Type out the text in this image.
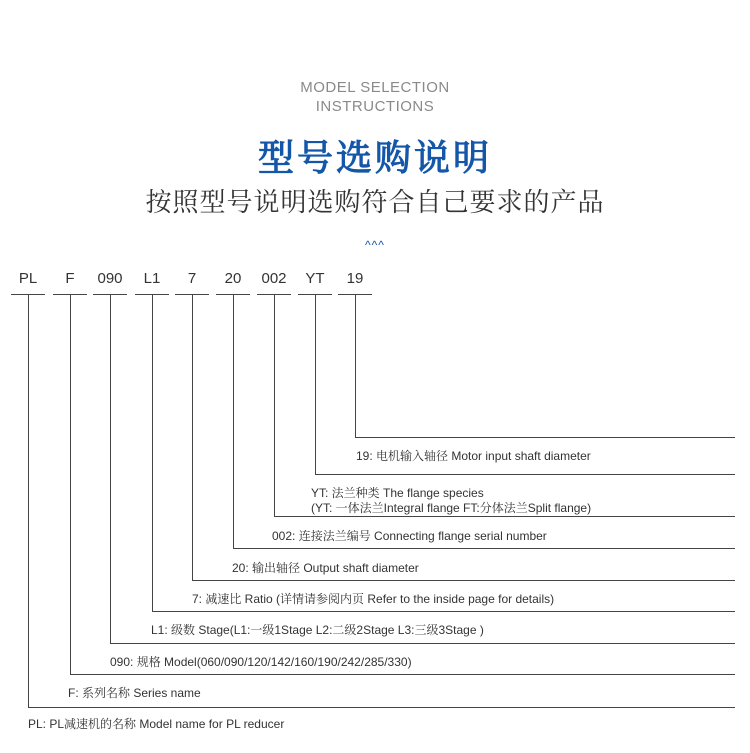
MODEL SELECTION
INSTRUCTIONS
型号选购说明
按照型号说明选购符合自己要求的产品
^^^
PL	F	090	L1	7	20	002	YT	19
19: 电机输入轴径 Motor input shaft diameter
YT: 法兰种类 The flange species
(YT: 一体法兰Integral flange FT:分体法兰Split flange)
002: 连接法兰编号 Connecting flange serial number
20: 输出轴径 Output shaft diameter
7: 减速比 Ratio (详情请参阅内页 Refer to the inside page for details)
L1: 级数 Stage(L1:一级1Stage L2:二级2Stage L3:三级3Stage )
090: 规格 Model(060/090/120/142/160/190/242/285/330)
F: 系列名称 Series name
PL: PL减速机的名称 Model name for PL reducer
